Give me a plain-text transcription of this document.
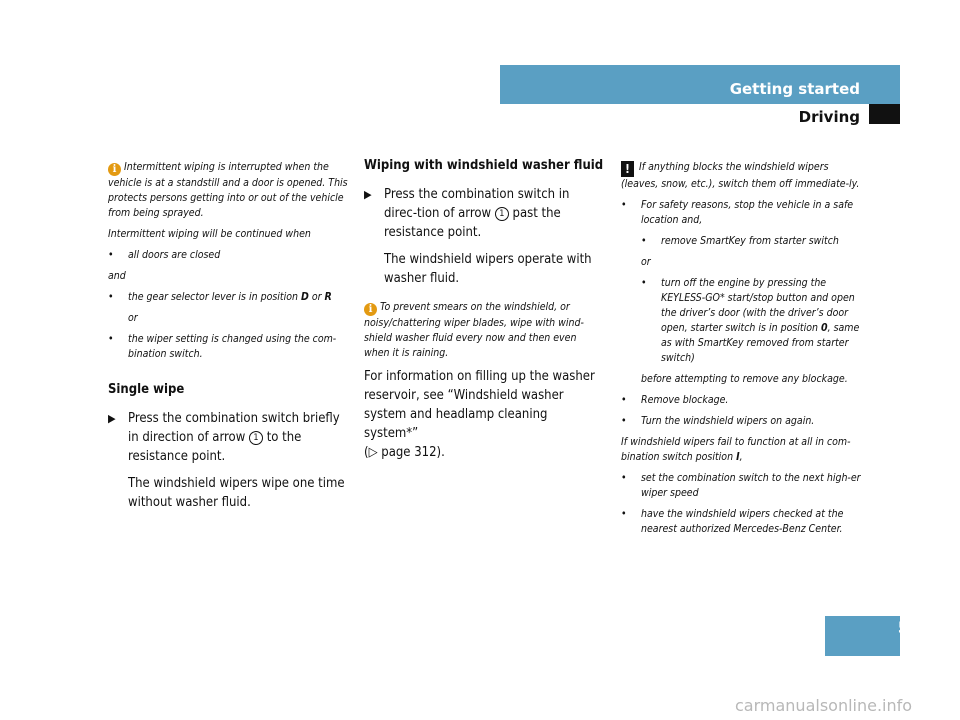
Getting started
Driving

i Intermittent wiping is interrupted when the vehicle is at a standstill and a door is opened. This protects persons getting into or out of the vehicle from being sprayed.

Intermittent wiping will be continued when

• all doors are closed

and

• the gear selector lever is in position D or R

or

• the wiper setting is changed using the com-bination switch.

Single wipe

▶ Press the combination switch briefly in direction of arrow 1 to the resistance point.

The windshield wipers wipe one time without washer fluid.

Wiping with windshield washer fluid

▶ Press the combination switch in direc-tion of arrow 1 past the resistance point.

The windshield wipers operate with washer fluid.

i To prevent smears on the windshield, or noisy/chattering wiper blades, wipe with wind-shield washer fluid every now and then even when it is raining.

For information on filling up the washer reservoir, see “Windshield washer system and headlamp cleaning system*”
(▷ page 312).

! If anything blocks the windshield wipers (leaves, snow, etc.), switch them off immediate-ly.

• For safety reasons, stop the vehicle in a safe location and,
• remove SmartKey from starter switch

or

• turn off the engine by pressing the KEYLESS-GO* start/stop button and open the driver’s door (with the driver’s door open, starter switch is in position 0, same as with SmartKey removed from starter switch)

before attempting to remove any blockage.

• Remove blockage.
• Turn the windshield wipers on again.

If windshield wipers fail to function at all in com-bination switch position I,

• set the combination switch to the next high-er wiper speed
• have the windshield wipers checked at the nearest authorized Mercedes-Benz Center.
57
carmanualsonline.info
